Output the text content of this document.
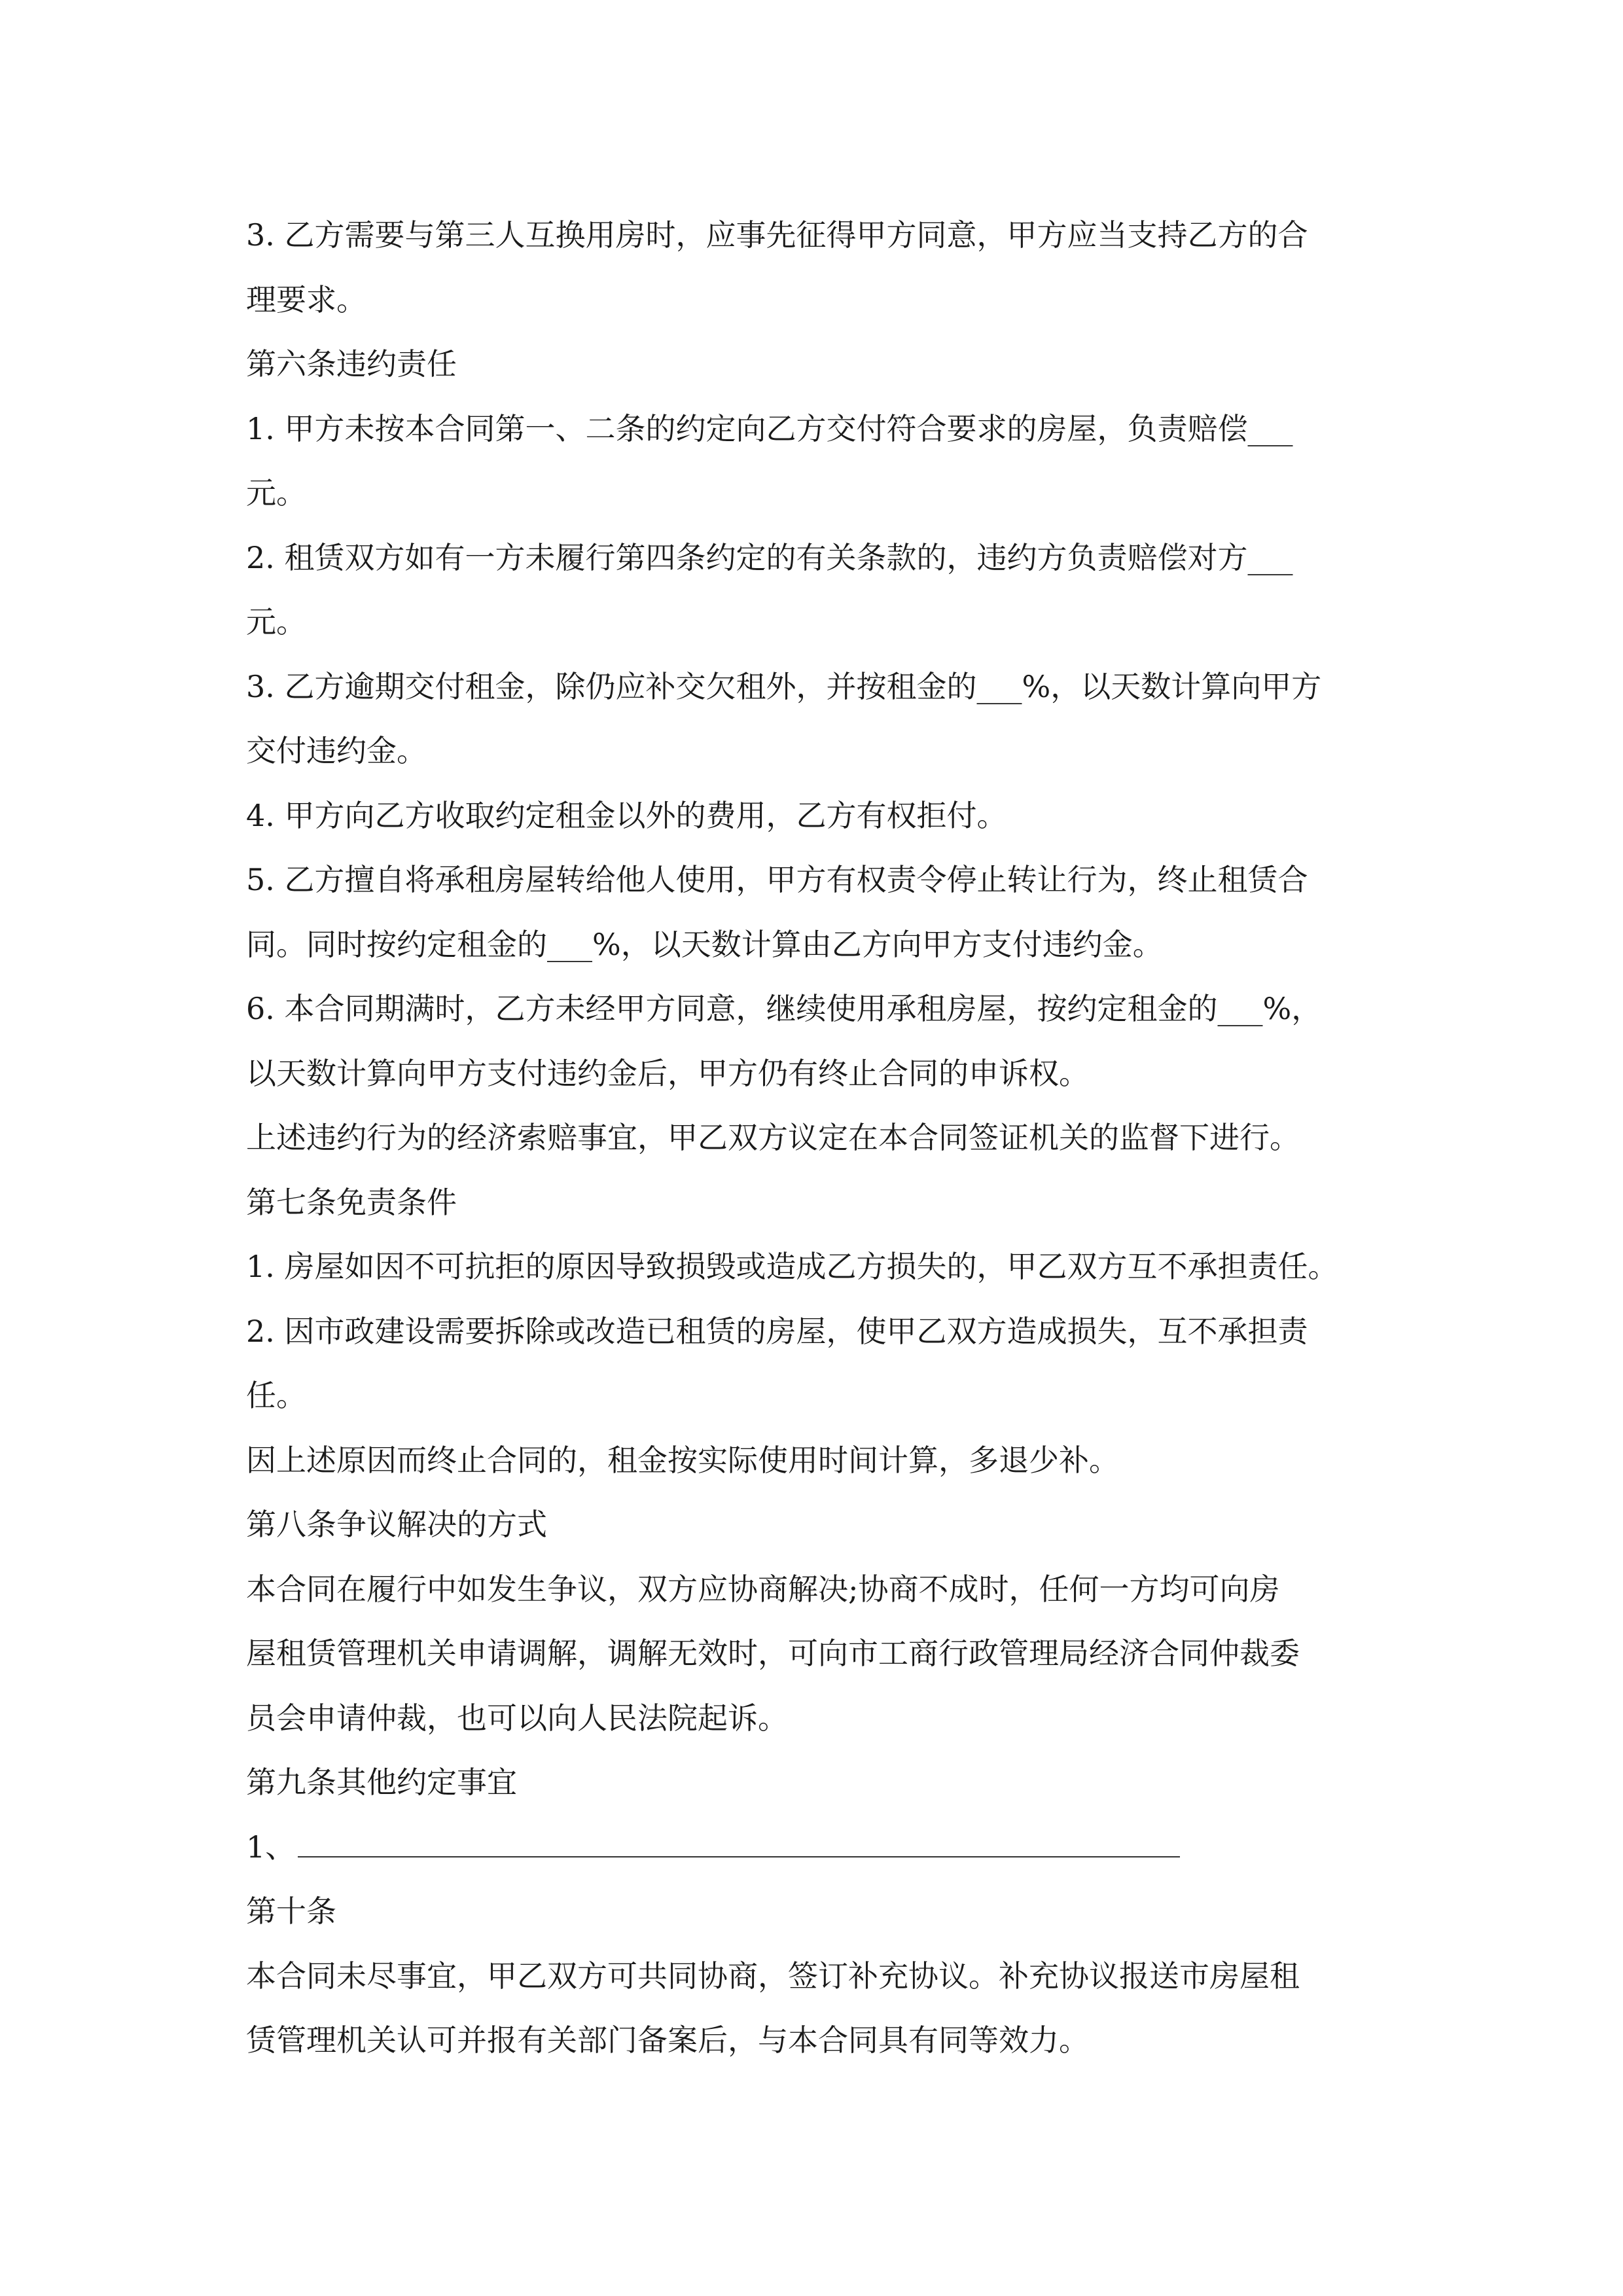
3. 乙方需要与第三人互换用房时，应事先征得甲方同意，甲方应当支持乙方的合
理要求。
第六条违约责任
1. 甲方未按本合同第一、二条的约定向乙方交付符合要求的房屋，负责赔偿___
元。
2. 租赁双方如有一方未履行第四条约定的有关条款的，违约方负责赔偿对方___
元。
3. 乙方逾期交付租金，除仍应补交欠租外，并按租金的___%，以天数计算向甲方
交付违约金。
4. 甲方向乙方收取约定租金以外的费用，乙方有权拒付。
5. 乙方擅自将承租房屋转给他人使用，甲方有权责令停止转让行为，终止租赁合
同。同时按约定租金的___%，以天数计算由乙方向甲方支付违约金。
6. 本合同期满时，乙方未经甲方同意，继续使用承租房屋，按约定租金的___%，
以天数计算向甲方支付违约金后，甲方仍有终止合同的申诉权。
上述违约行为的经济索赔事宜，甲乙双方议定在本合同签证机关的监督下进行。
第七条免责条件
1. 房屋如因不可抗拒的原因导致损毁或造成乙方损失的，甲乙双方互不承担责任。
2. 因市政建设需要拆除或改造已租赁的房屋，使甲乙双方造成损失，互不承担责
任。
因上述原因而终止合同的，租金按实际使用时间计算，多退少补。
第八条争议解决的方式
本合同在履行中如发生争议，双方应协商解决;协商不成时，任何一方均可向房
屋租赁管理机关申请调解，调解无效时，可向市工商行政管理局经济合同仲裁委
员会申请仲裁，也可以向人民法院起诉。
第九条其他约定事宜
1、
第十条
本合同未尽事宜，甲乙双方可共同协商，签订补充协议。补充协议报送市房屋租
赁管理机关认可并报有关部门备案后，与本合同具有同等效力。
